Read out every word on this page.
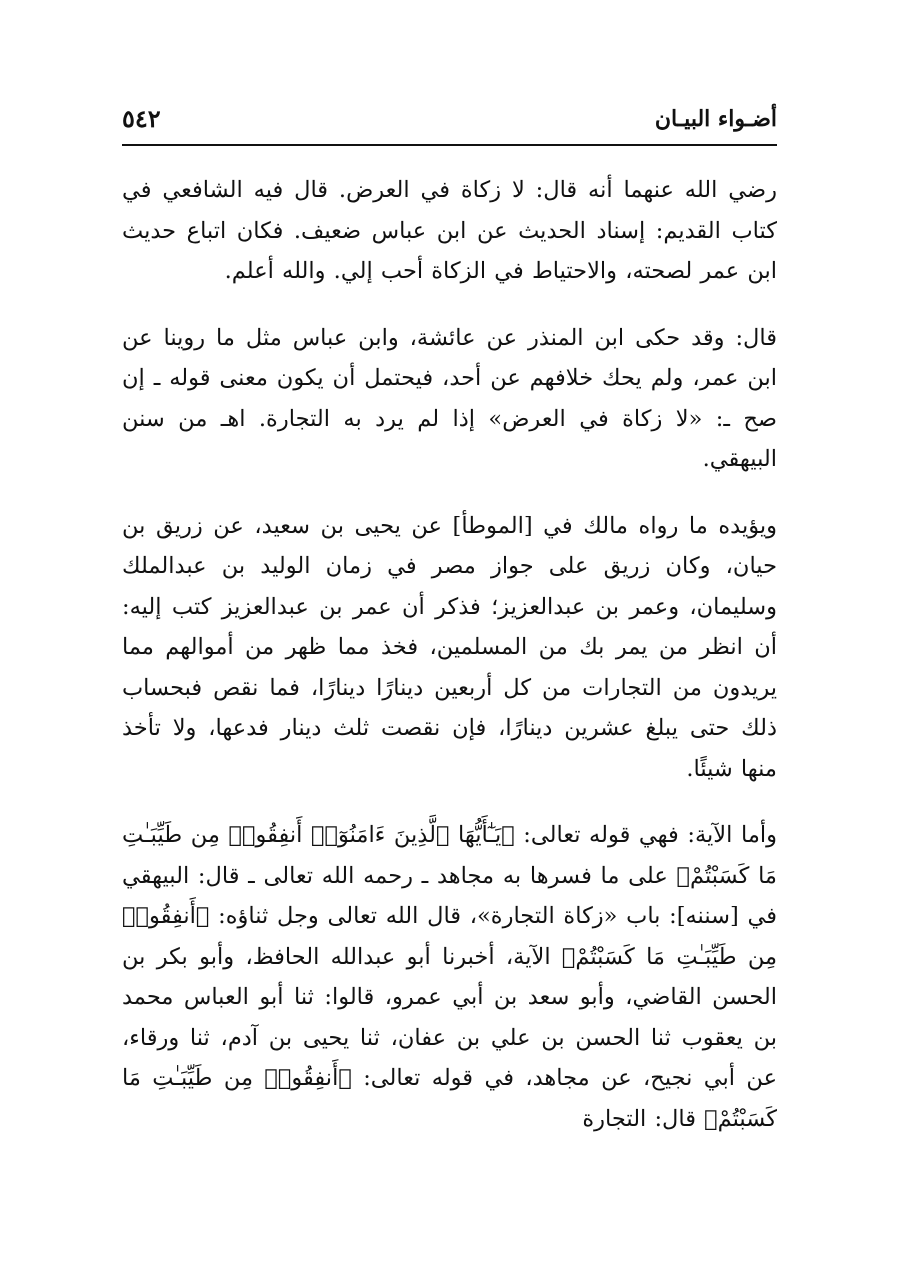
أضـواء البيـان
٥٤٢

رضي الله عنهما أنه قال: لا زكاة في العرض. قال فيه الشافعي في كتاب القديم: إسناد الحديث عن ابن عباس ضعيف. فكان اتباع حديث ابن عمر لصحته، والاحتياط في الزكاة أحب إلي. والله أعلم.

قال: وقد حكى ابن المنذر عن عائشة، وابن عباس مثل ما روينا عن ابن عمر، ولم يحك خلافهم عن أحد، فيحتمل أن يكون معنى قوله ـ إن صح ـ: «لا زكاة في العرض» إذا لم يرد به التجارة. اهـ من سنن البيهقي.

ويؤيده ما رواه مالك في [الموطأ] عن يحيى بن سعيد، عن زريق بن حيان، وكان زريق على جواز مصر في زمان الوليد بن عبدالملك وسليمان، وعمر بن عبدالعزيز؛ فذكر أن عمر بن عبدالعزيز كتب إليه: أن انظر من يمر بك من المسلمين، فخذ مما ظهر من أموالهم مما يريدون من التجارات من كل أربعين دينارًا دينارًا، فما نقص فبحساب ذلك حتى يبلغ عشرين دينارًا، فإن نقصت ثلث دينار فدعها، ولا تأخذ منها شيئًا.

وأما الآية: فهي قوله تعالى: ﴿يَـٰٓأَيُّهَا ٱلَّذِينَ ءَامَنُوٓا۟ أَنفِقُوا۟ مِن طَيِّبَـٰتِ مَا كَسَبْتُمْ﴾ على ما فسرها به مجاهد ـ رحمه الله تعالى ـ قال: البيهقي في [سننه]: باب «زكاة التجارة»، قال الله تعالى وجل ثناؤه: ﴿أَنفِقُوا۟ مِن طَيِّبَـٰتِ مَا كَسَبْتُمْ﴾ الآية، أخبرنا أبو عبدالله الحافظ، وأبو بكر بن الحسن القاضي، وأبو سعد بن أبي عمرو، قالوا: ثنا أبو العباس محمد بن يعقوب ثنا الحسن بن علي بن عفان، ثنا يحيى بن آدم، ثنا ورقاء، عن أبي نجيح، عن مجاهد، في قوله تعالى: ﴿أَنفِقُوا۟ مِن طَيِّبَـٰتِ مَا كَسَبْتُمْ﴾ قال: التجارة
